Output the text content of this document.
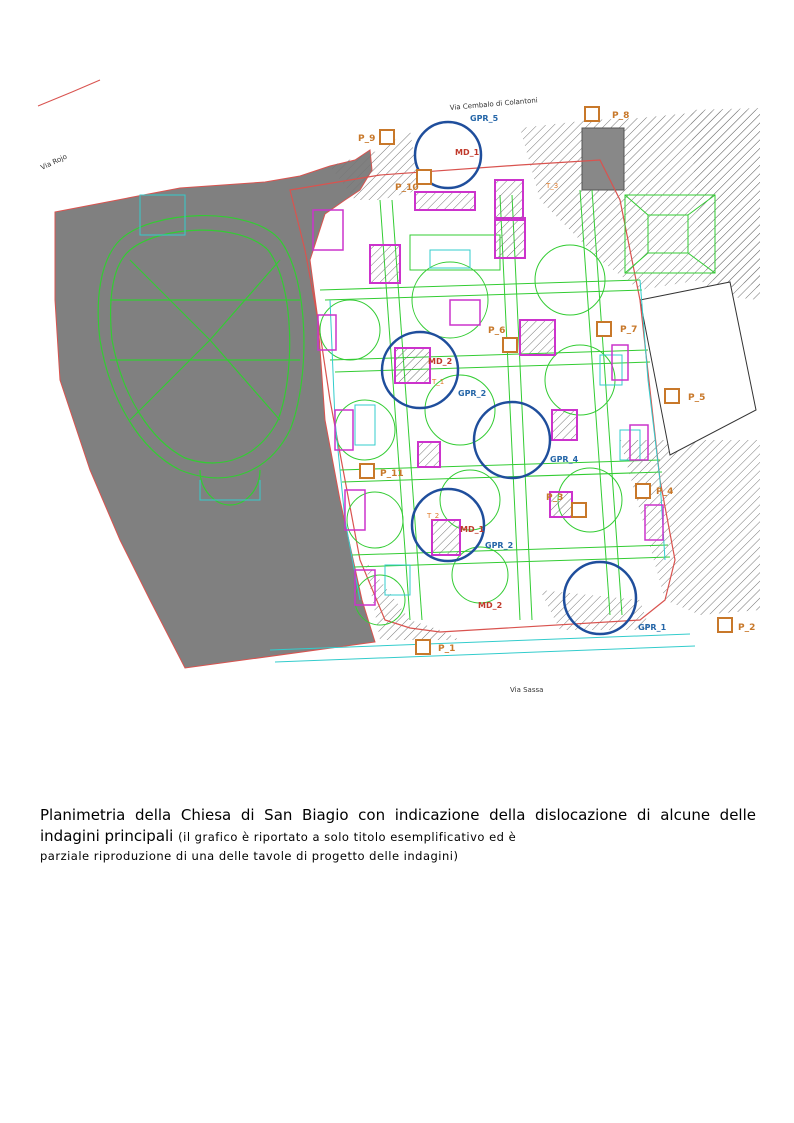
Via Cembalo di Colantoni
Via Rojo
Via Sassa
P_8
P_9
P_10
P_7
P_6
P_5
P_11
P_3
P_4
P_2
P_1
GPR_5
GPR_2
GPR_4
GPR_2
GPR_1
MD_1
MD_2
MD_1
MD_2
T_3
T_1
T_2
Planimetria della Chiesa di San Biagio con indicazione della dislocazione di alcune delle indagini principali (il grafico è riportato a solo titolo esemplificativo ed è
parziale riproduzione di una delle tavole di progetto delle indagini)
